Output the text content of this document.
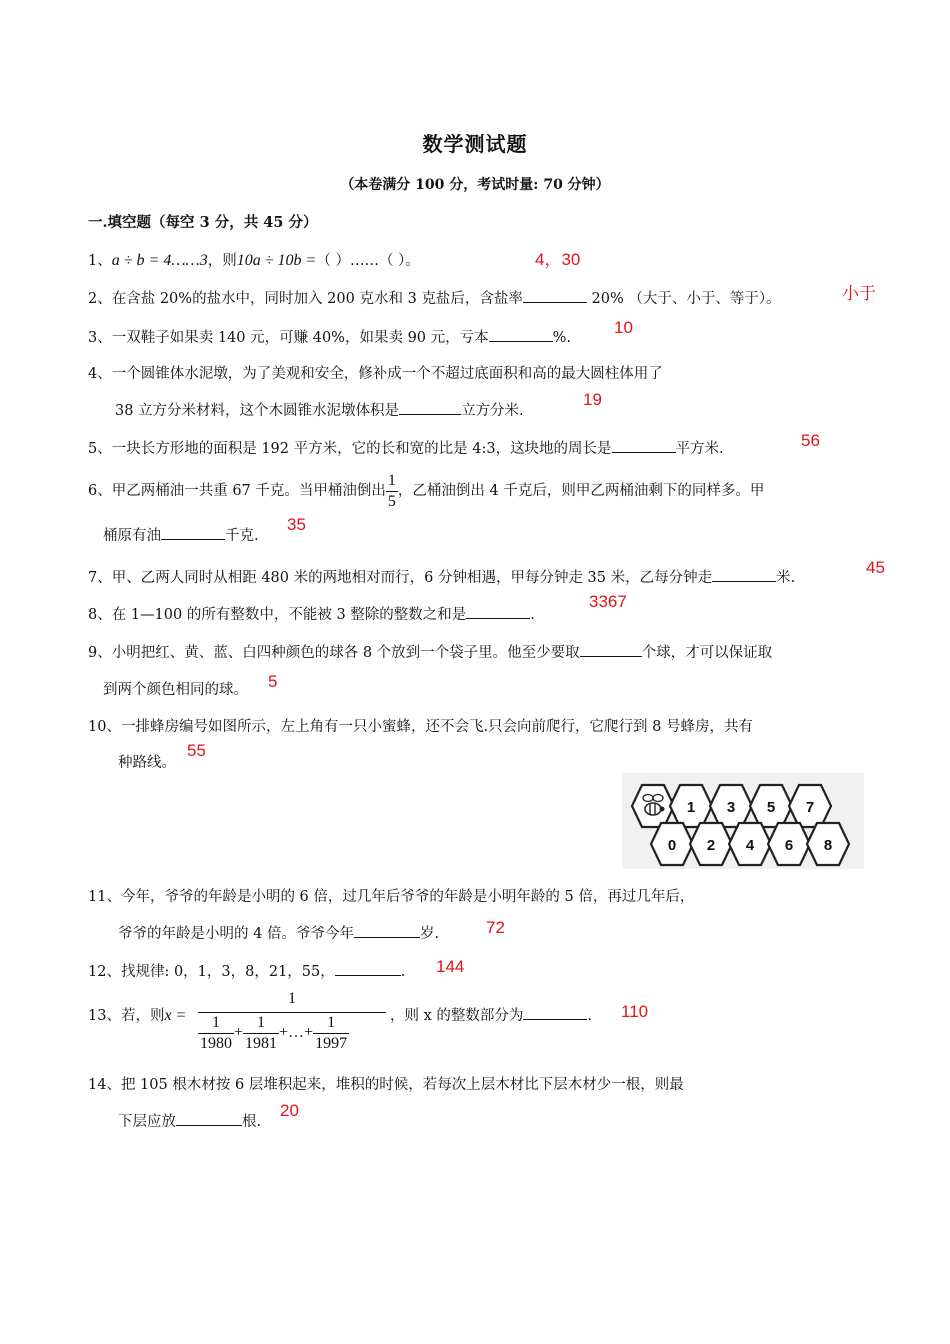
数学测试题
（本卷满分 100 分，考试时量: 70 分钟）
一.填空题（每空 3 分，共 45 分）
1、a ÷ b = 4……3，则10a ÷ 10b =（ ）……（ ）。	4，30
2、在含盐 20%的盐水中，同时加入 200 克水和 3 克盐后，含盐率	20% （大于、小于、等于）。	小于
3、一双鞋子如果卖 140 元，可赚 40%，如果卖 90 元，亏本	%.
10
4、一个圆锥体水泥墩，为了美观和安全，修补成一个不超过底面积和高的最大圆柱体用了
38 立方分米材料，这个木圆锥水泥墩体积是	立方分米.
19
5、一块长方形地的面积是 192 平方米，它的长和宽的比是 4:3，这块地的周长是	平方米.	56
6、甲乙两桶油一共重 67 千克。当甲桶油倒出 $\frac{1}{5}$ ，乙桶油倒出 4 千克后，则甲乙两桶油剩下的同样多。甲
桶原有油	千克.
35
7、甲、乙两人同时从相距 480 米的两地相对而行，6 分钟相遇，甲每分钟走 35 米，乙每分钟走	米.
45
8、在 1—100 的所有整数中，不能被 3 整除的整数之和是	.
3367
9、小明把红、黄、蓝、白四种颜色的球各 8 个放到一个袋子里。他至少要取	个球，才可以保证取
到两个颜色相同的球。 5
10、一排蜂房编号如图所示，左上角有一只小蜜蜂，还不会飞.只会向前爬行，它爬行到 8 号蜂房，共有
种路线。
55
1 3 5 7
0 2 4 6 8
11、今年，爷爷的年龄是小明的 6 倍，过几年后爷爷的年龄是小明年龄的 5 倍，再过几年后，
爷爷的年龄是小明的 4 倍。爷爷今年	岁.	72
12、找规律: 0，1，3，8，21，55，	. 144
13、若，则x =
1
$\frac{1}{1980} + \frac{1}{1981}$ +…+ $\frac{1}{1997}$	，则 x 的整数部分为	. 110
14、把 105 根木材按 6 层堆积起来，堆积的时候，若每次上层木材比下层木材少一根，则最
下层应放	根.
20
